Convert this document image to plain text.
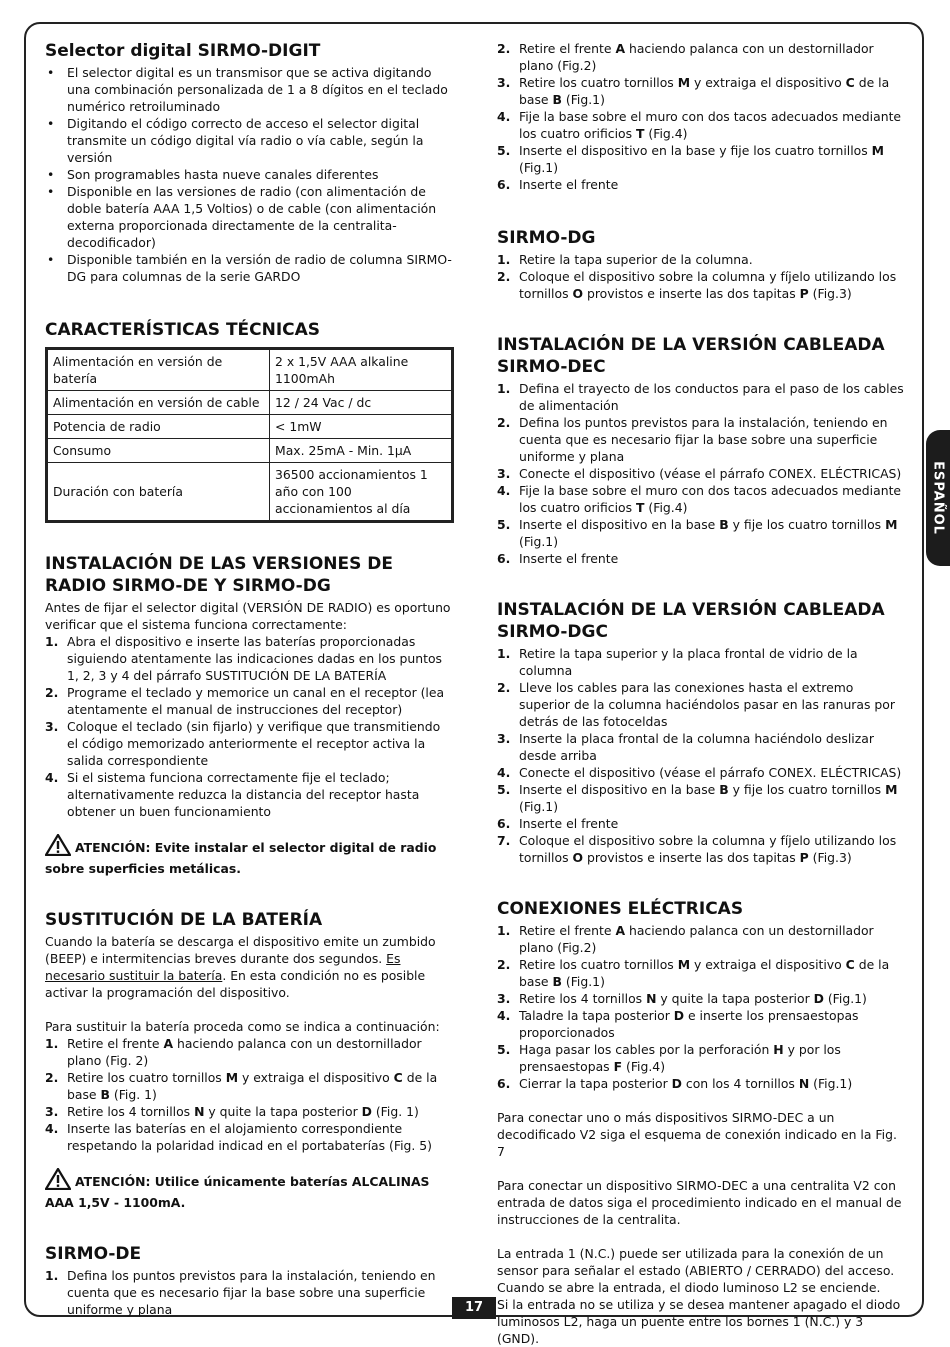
ESPAÑOL
17
Selector digital SIRMO-DIGIT
• El selector digital es un transmisor que se activa digitando una combinación personalizada de 1 a 8 dígitos en el teclado numérico retroiluminado
• Digitando el código correcto de acceso el selector digital transmite un código digital vía radio o vía cable, según la versión
• Son programables hasta nueve canales diferentes
• Disponible en las versiones de radio (con alimentación de doble batería AAA 1,5 Voltios) o de cable (con alimentación externa proporcionada directamente de la centralita-decodificador)
• Disponible también en la versión de radio de columna SIRMO-DG para columnas de la serie GARDO
CARACTERÍSTICAS TÉCNICAS
Alimentación en versión de batería	2 x 1,5V AAA alkaline 1100mAh
Alimentación en versión de cable	12 / 24 Vac / dc
Potencia de radio	< 1mW
Consumo	Max. 25mA - Min. 1µA
Duración con batería	36500 accionamientos 1 año con 100 accionamientos al día
INSTALACIÓN DE LAS VERSIONES DE RADIO SIRMO-DE Y SIRMO-DG

Antes de fijar el selector digital (VERSIÓN DE RADIO) es oportuno verificar que el sistema funciona correctamente:

1. Abra el dispositivo e inserte las baterías proporcionadas siguiendo atentamente las indicaciones dadas en los puntos 1, 2, 3 y 4 del párrafo SUSTITUCIÓN DE LA BATERÍA
2. Programe el teclado y memorice un canal en el receptor (lea atentamente el manual de instrucciones del receptor)
3. Coloque el teclado (sin fijarlo) y verifique que transmitiendo el código memorizado anteriormente el receptor activa la salida correspondiente
4. Si el sistema funciona correctamente fije el teclado; alternativamente reduzca la distancia del receptor hasta obtener un buen funcionamiento
ATENCIÓN: Evite instalar el selector digital de radio sobre superficies metálicas.
SUSTITUCIÓN DE LA BATERÍA

Cuando la batería se descarga el dispositivo emite un zumbido (BEEP) e intermitencias breves durante dos segundos. Es necesario sustituir la batería. En esta condición no es posible activar la programación del dispositivo.

Para sustituir la batería proceda como se indica a continuación:

1. Retire el frente A haciendo palanca con un destornillador plano (Fig. 2)
2. Retire los cuatro tornillos M y extraiga el dispositivo C de la base B (Fig. 1)
3. Retire los 4 tornillos N y quite la tapa posterior D (Fig. 1)
4. Inserte las baterías en el alojamiento correspondiente respetando la polaridad indicad en el portabaterías (Fig. 5)
ATENCIÓN: Utilice únicamente baterías ALCALINAS AAA 1,5V - 1100mA.
SIRMO-DE
1. Defina los puntos previstos para la instalación, teniendo en cuenta que es necesario fijar la base sobre una superficie uniforme y plana
2. Retire el frente A haciendo palanca con un destornillador plano (Fig.2)
3. Retire los cuatro tornillos M y extraiga el dispositivo C de la base B (Fig.1)
4. Fije la base sobre el muro con dos tacos adecuados mediante los cuatro orificios T (Fig.4)
5. Inserte el dispositivo en la base y fije los cuatro tornillos M (Fig.1)
6. Inserte el frente
SIRMO-DG
1. Retire la tapa superior de la columna.
2. Coloque el dispositivo sobre la columna y fíjelo utilizando los tornillos O provistos e inserte las dos tapitas P (Fig.3)
INSTALACIÓN DE LA VERSIÓN CABLEADA SIRMO-DEC
1. Defina el trayecto de los conductos para el paso de los cables de alimentación
2. Defina los puntos previstos para la instalación, teniendo en cuenta que es necesario fijar la base sobre una superficie uniforme y plana
3. Conecte el dispositivo (véase el párrafo CONEX. ELÉCTRICAS)
4. Fije la base sobre el muro con dos tacos adecuados mediante los cuatro orificios T (Fig.4)
5. Inserte el dispositivo en la base B y fije los cuatro tornillos M (Fig.1)
6. Inserte el frente
INSTALACIÓN DE LA VERSIÓN CABLEADA SIRMO-DGC
1. Retire la tapa superior y la placa frontal de vidrio de la columna
2. Lleve los cables para las conexiones hasta el extremo superior de la columna haciéndolos pasar en las ranuras por detrás de las fotoceldas
3. Inserte la placa frontal de la columna haciéndolo deslizar desde arriba
4. Conecte el dispositivo (véase el párrafo CONEX. ELÉCTRICAS)
5. Inserte el dispositivo en la base B y fije los cuatro tornillos M (Fig.1)
6. Inserte el frente
7. Coloque el dispositivo sobre la columna y fíjelo utilizando los tornillos O provistos e inserte las dos tapitas P (Fig.3)
CONEXIONES ELÉCTRICAS
1. Retire el frente A haciendo palanca con un destornillador plano (Fig.2)
2. Retire los cuatro tornillos M y extraiga el dispositivo C de la base B (Fig.1)
3. Retire los 4 tornillos N y quite la tapa posterior D (Fig.1)
4. Taladre la tapa posterior D e inserte los prensaestopas proporcionados
5. Haga pasar los cables por la perforación H y por los prensaestopas F (Fig.4)
6. Cierrar la tapa posterior D con los 4 tornillos N (Fig.1)

Para conectar uno o más dispositivos SIRMO-DEC a un decodificado V2 siga el esquema de conexión indicado en la Fig. 7

Para conectar un dispositivo SIRMO-DEC a una centralita V2 con entrada de datos siga el procedimiento indicado en el manual de instrucciones de la centralita.

La entrada 1 (N.C.) puede ser utilizada para la conexión de un sensor para señalar el estado (ABIERTO / CERRADO) del acceso. Cuando se abre la entrada, el diodo luminoso L2 se enciende.

Si la entrada no se utiliza y se desea mantener apagado el diodo luminosos L2, haga un puente entre los bornes 1 (N.C.) y 3 (GND).
